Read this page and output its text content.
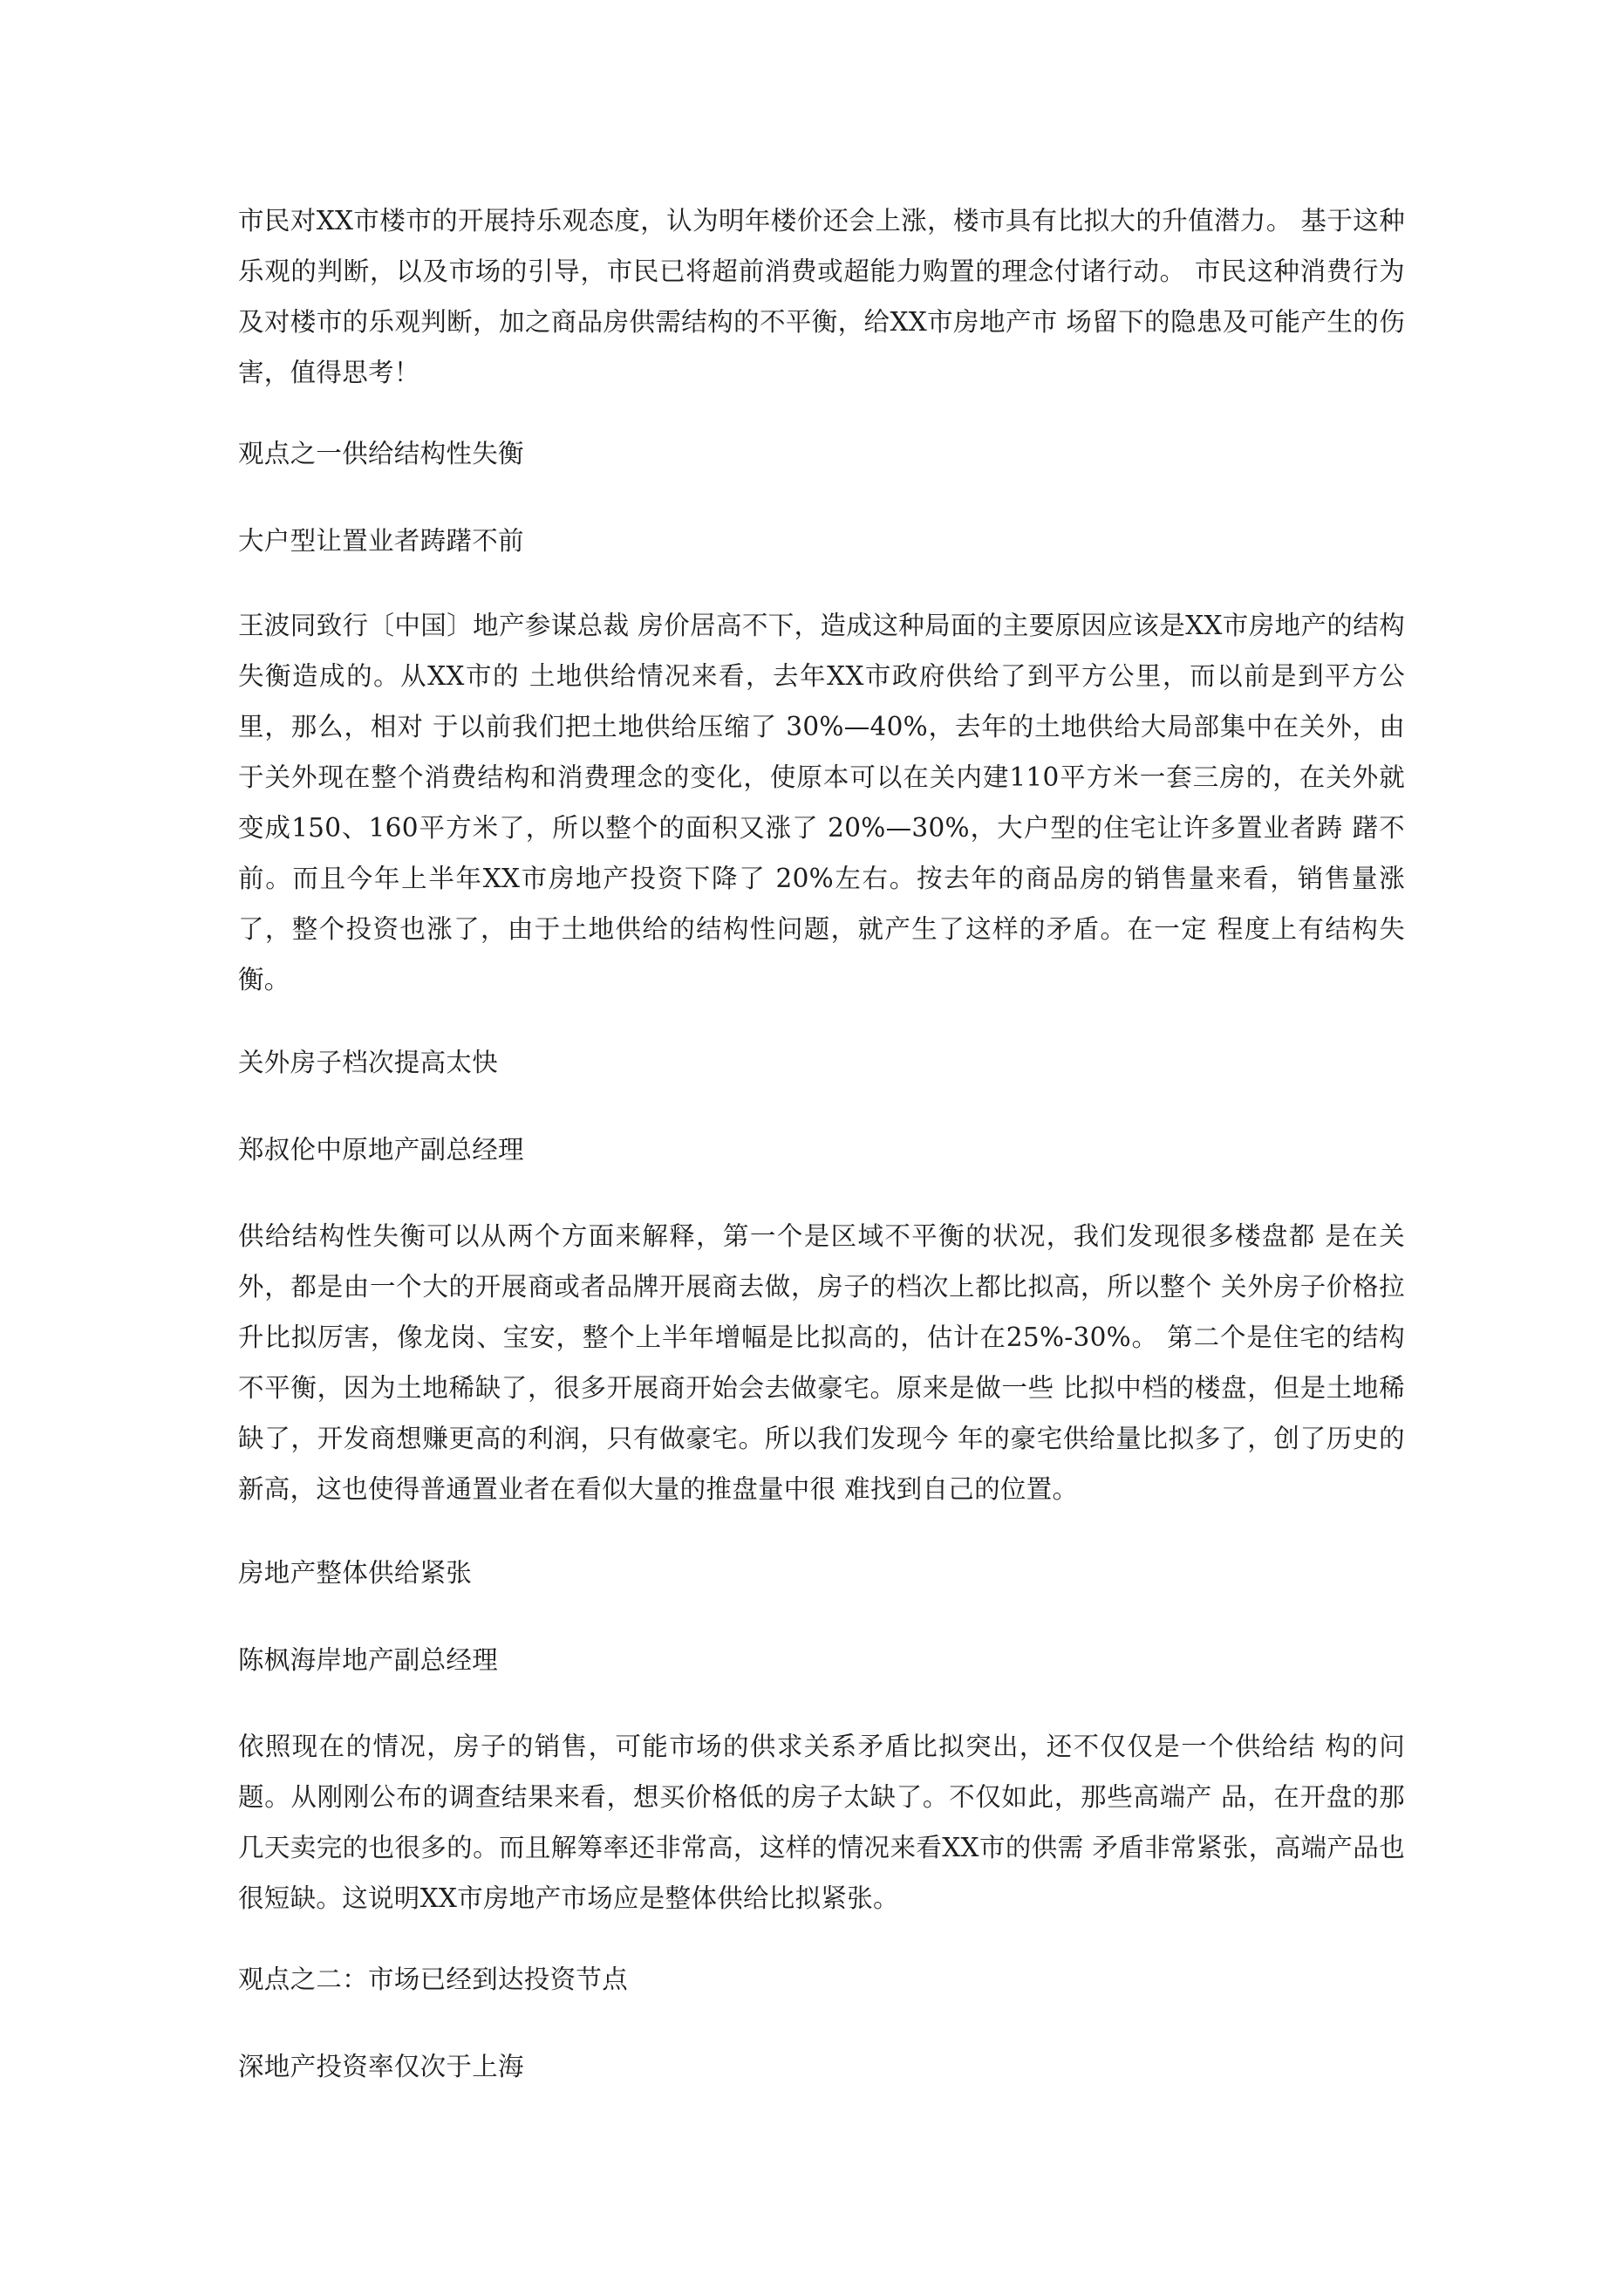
市民对XX市楼市的开展持乐观态度，认为明年楼价还会上涨，楼市具有比拟大的升值潜力。 基于这种乐观的判断，以及市场的引导，市民已将超前消费或超能力购置的理念付诸行动。 市民这种消费行为及对楼市的乐观判断，加之商品房供需结构的不平衡，给XX市房地产市 场留下的隐患及可能产生的伤害，值得思考！

观点之一供给结构性失衡
大户型让置业者踌躇不前

王波同致行〔中国〕地产参谋总裁 房价居高不下，造成这种局面的主要原因应该是XX市房地产的结构失衡造成的。从XX市的 土地供给情况来看，去年XX市政府供给了到平方公里，而以前是到平方公里，那么，相对 于以前我们把土地供给压缩了 30%—40%，去年的土地供给大局部集中在关外，由于关外现在整个消费结构和消费理念的变化，使原本可以在关内建110平方米一套三房的，在关外就 变成150、160平方米了，所以整个的面积又涨了 20%—30%，大户型的住宅让许多置业者踌 躇不前。而且今年上半年XX市房地产投资下降了 20%左右。按去年的商品房的销售量来看，销售量涨了，整个投资也涨了，由于土地供给的结构性问题，就产生了这样的矛盾。在一定 程度上有结构失衡。

关外房子档次提高太快
郑叔伦中原地产副总经理

供给结构性失衡可以从两个方面来解释，第一个是区域不平衡的状况，我们发现很多楼盘都 是在关外，都是由一个大的开展商或者品牌开展商去做，房子的档次上都比拟高，所以整个 关外房子价格拉升比拟厉害，像龙岗、宝安，整个上半年增幅是比拟高的，估计在25%-30%。 第二个是住宅的结构不平衡，因为土地稀缺了，很多开展商开始会去做豪宅。原来是做一些 比拟中档的楼盘，但是土地稀缺了，开发商想赚更高的利润，只有做豪宅。所以我们发现今 年的豪宅供给量比拟多了，创了历史的新高，这也使得普通置业者在看似大量的推盘量中很 难找到自己的位置。

房地产整体供给紧张
陈枫海岸地产副总经理

依照现在的情况，房子的销售，可能市场的供求关系矛盾比拟突出，还不仅仅是一个供给结 构的问题。从刚刚公布的调查结果来看，想买价格低的房子太缺了。不仅如此，那些高端产 品，在开盘的那几天卖完的也很多的。而且解筹率还非常高，这样的情况来看XX市的供需 矛盾非常紧张，高端产品也很短缺。这说明XX市房地产市场应是整体供给比拟紧张。

观点之二：市场已经到达投资节点
深地产投资率仅次于上海
